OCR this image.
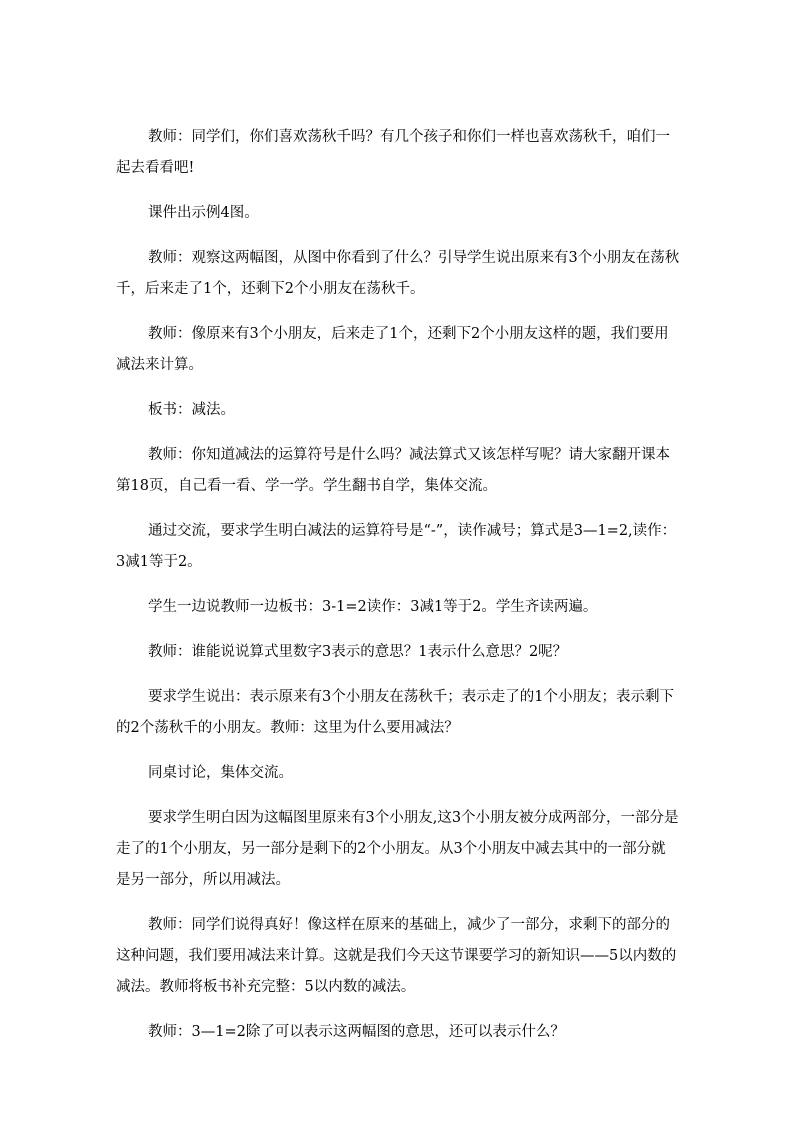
教师：同学们，你们喜欢荡秋千吗？有几个孩子和你们一样也喜欢荡秋千，咱们一起去看看吧!

课件出示例4图。

教师：观察这两幅图，从图中你看到了什么？引导学生说出原来有3个小朋友在荡秋千，后来走了1个，还剩下2个小朋友在荡秋千。

教师：像原来有3个小朋友，后来走了1个，还剩下2个小朋友这样的题，我们要用减法来计算。

板书：减法。

教师：你知道减法的运算符号是什么吗？减法算式又该怎样写呢？请大家翻开课本第18页，自己看一看、学一学。学生翻书自学，集体交流。

通过交流，要求学生明白减法的运算符号是“-”，读作减号；算式是3—1=2,读作：3减1等于2。

学生一边说教师一边板书：3-1=2读作：3减1等于2。学生齐读两遍。

教师：谁能说说算式里数字3表示的意思？1表示什么意思？2呢？

要求学生说出：表示原来有3个小朋友在荡秋千；表示走了的1个小朋友；表示剩下的2个荡秋千的小朋友。教师：这里为什么要用减法？

同桌讨论，集体交流。

要求学生明白因为这幅图里原来有3个小朋友,这3个小朋友被分成两部分，一部分是走了的1个小朋友，另一部分是剩下的2个小朋友。从3个小朋友中减去其中的一部分就是另一部分，所以用减法。

教师：同学们说得真好！像这样在原来的基础上，减少了一部分，求剩下的部分的这种问题，我们要用减法来计算。这就是我们今天这节课要学习的新知识——5以内数的减法。教师将板书补充完整：5以内数的减法。

教师：3—1=2除了可以表示这两幅图的意思，还可以表示什么？
